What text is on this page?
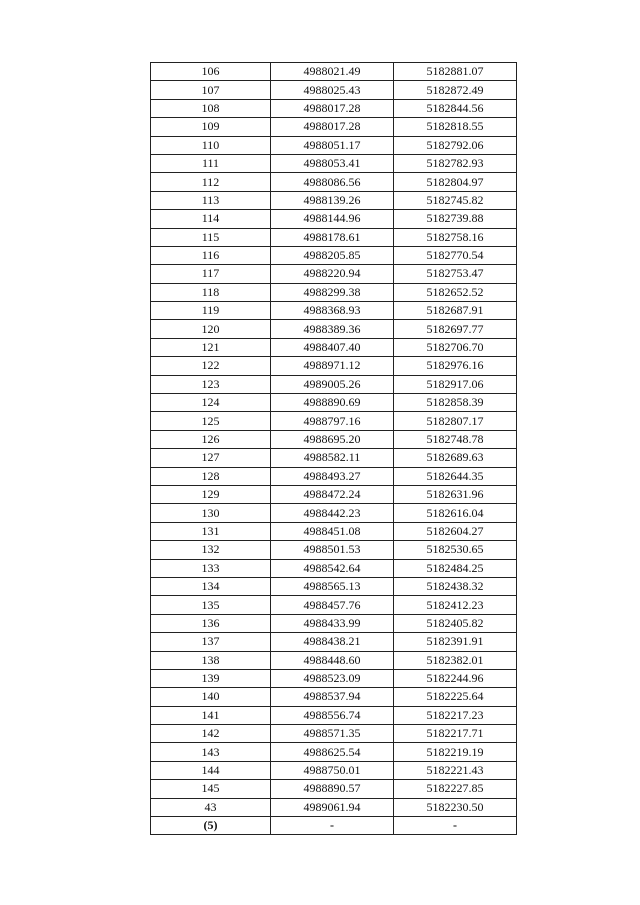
106	4988021.49	5182881.07
107	4988025.43	5182872.49
108	4988017.28	5182844.56
109	4988017.28	5182818.55
110	4988051.17	5182792.06
111	4988053.41	5182782.93
112	4988086.56	5182804.97
113	4988139.26	5182745.82
114	4988144.96	5182739.88
115	4988178.61	5182758.16
116	4988205.85	5182770.54
117	4988220.94	5182753.47
118	4988299.38	5182652.52
119	4988368.93	5182687.91
120	4988389.36	5182697.77
121	4988407.40	5182706.70
122	4988971.12	5182976.16
123	4989005.26	5182917.06
124	4988890.69	5182858.39
125	4988797.16	5182807.17
126	4988695.20	5182748.78
127	4988582.11	5182689.63
128	4988493.27	5182644.35
129	4988472.24	5182631.96
130	4988442.23	5182616.04
131	4988451.08	5182604.27
132	4988501.53	5182530.65
133	4988542.64	5182484.25
134	4988565.13	5182438.32
135	4988457.76	5182412.23
136	4988433.99	5182405.82
137	4988438.21	5182391.91
138	4988448.60	5182382.01
139	4988523.09	5182244.96
140	4988537.94	5182225.64
141	4988556.74	5182217.23
142	4988571.35	5182217.71
143	4988625.54	5182219.19
144	4988750.01	5182221.43
145	4988890.57	5182227.85
43	4989061.94	5182230.50
(5)	-	-
